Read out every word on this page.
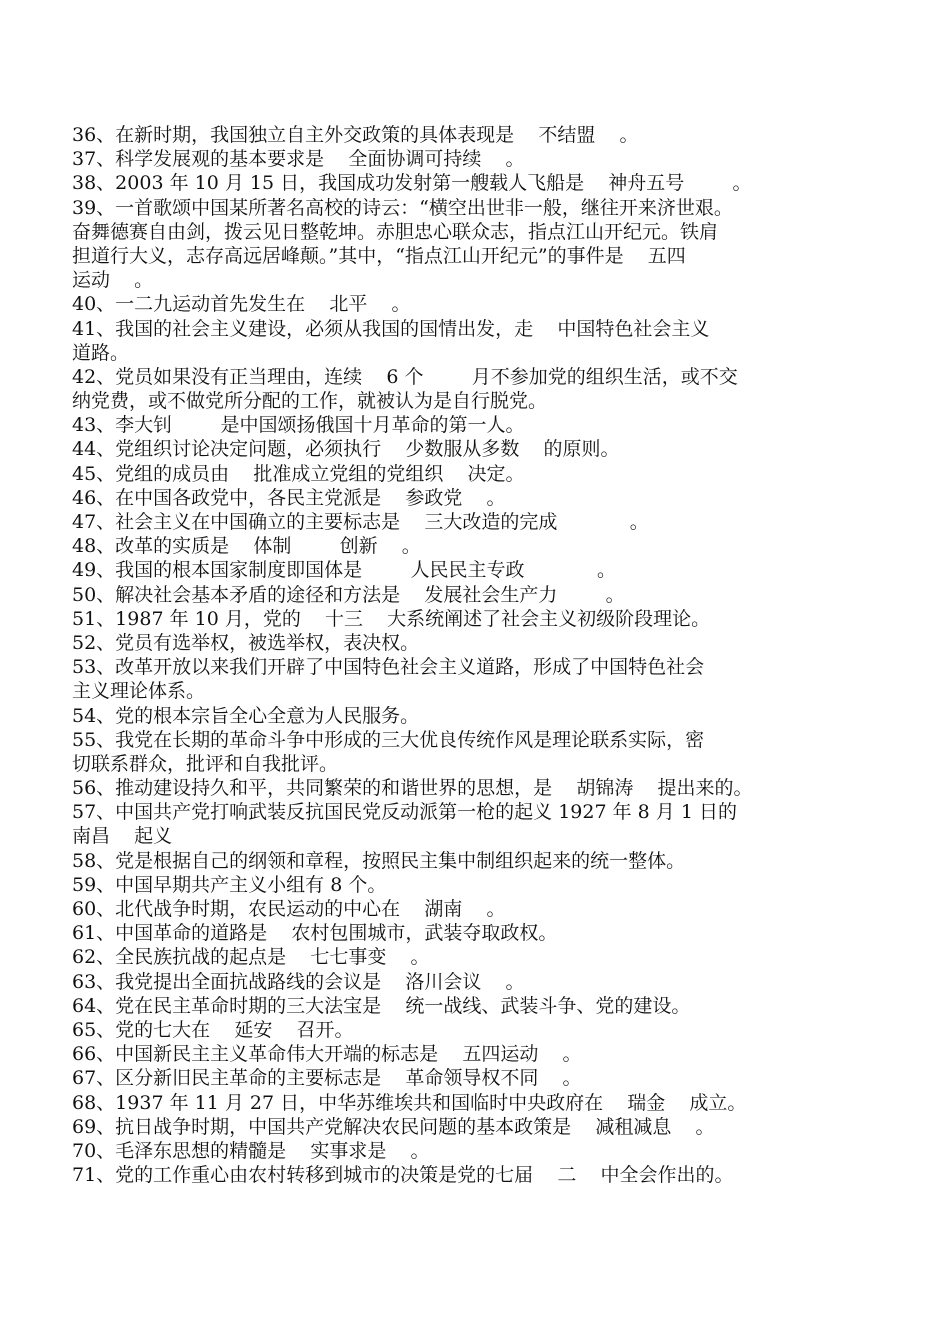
36、在新时期，我国独立自主外交政策的具体表现是    不结盟    。
37、科学发展观的基本要求是    全面协调可持续    。
38、2003 年 10 月 15 日，我国成功发射第一艘载人飞船是    神舟五号        。
39、一首歌颂中国某所著名高校的诗云：“横空出世非一般，继往开来济世艰。
奋舞德赛自由剑，拨云见日整乾坤。赤胆忠心联众志，指点江山开纪元。铁肩
担道行大义，志存高远居峰颠。”其中，“指点江山开纪元”的事件是    五四
运动    。
40、一二九运动首先发生在    北平    。
41、我国的社会主义建设，必须从我国的国情出发，走    中国特色社会主义
道路。
42、党员如果没有正当理由，连续    6 个        月不参加党的组织生活，或不交
纳党费，或不做党所分配的工作，就被认为是自行脱党。
43、李大钊        是中国颂扬俄国十月革命的第一人。
44、党组织讨论决定问题，必须执行    少数服从多数    的原则。
45、党组的成员由    批准成立党组的党组织    决定。
46、在中国各政党中，各民主党派是    参政党    。
47、社会主义在中国确立的主要标志是    三大改造的完成            。
48、改革的实质是    体制        创新    。
49、我国的根本国家制度即国体是        人民民主专政            。
50、解决社会基本矛盾的途径和方法是    发展社会生产力        。
51、1987 年 10 月，党的    十三    大系统阐述了社会主义初级阶段理论。
52、党员有选举权，被选举权，表决权。
53、改革开放以来我们开辟了中国特色社会主义道路，形成了中国特色社会
主义理论体系。
54、党的根本宗旨全心全意为人民服务。
55、我党在长期的革命斗争中形成的三大优良传统作风是理论联系实际，密
切联系群众，批评和自我批评。
56、推动建设持久和平，共同繁荣的和谐世界的思想，是    胡锦涛    提出来的。
57、中国共产党打响武装反抗国民党反动派第一枪的起义 1927 年 8 月 1 日的
南昌    起义
58、党是根据自己的纲领和章程，按照民主集中制组织起来的统一整体。
59、中国早期共产主义小组有 8 个。
60、北代战争时期，农民运动的中心在    湖南    。
61、中国革命的道路是    农村包围城市，武装夺取政权。
62、全民族抗战的起点是    七七事变    。
63、我党提出全面抗战路线的会议是    洛川会议    。
64、党在民主革命时期的三大法宝是    统一战线、武装斗争、党的建设。
65、党的七大在    延安    召开。
66、中国新民主主义革命伟大开端的标志是    五四运动    。
67、区分新旧民主革命的主要标志是    革命领导权不同    。
68、1937 年 11 月 27 日，中华苏维埃共和国临时中央政府在    瑞金    成立。
69、抗日战争时期，中国共产党解决农民问题的基本政策是    减租减息    。
70、毛泽东思想的精髓是    实事求是    。
71、党的工作重心由农村转移到城市的决策是党的七届    二    中全会作出的。
